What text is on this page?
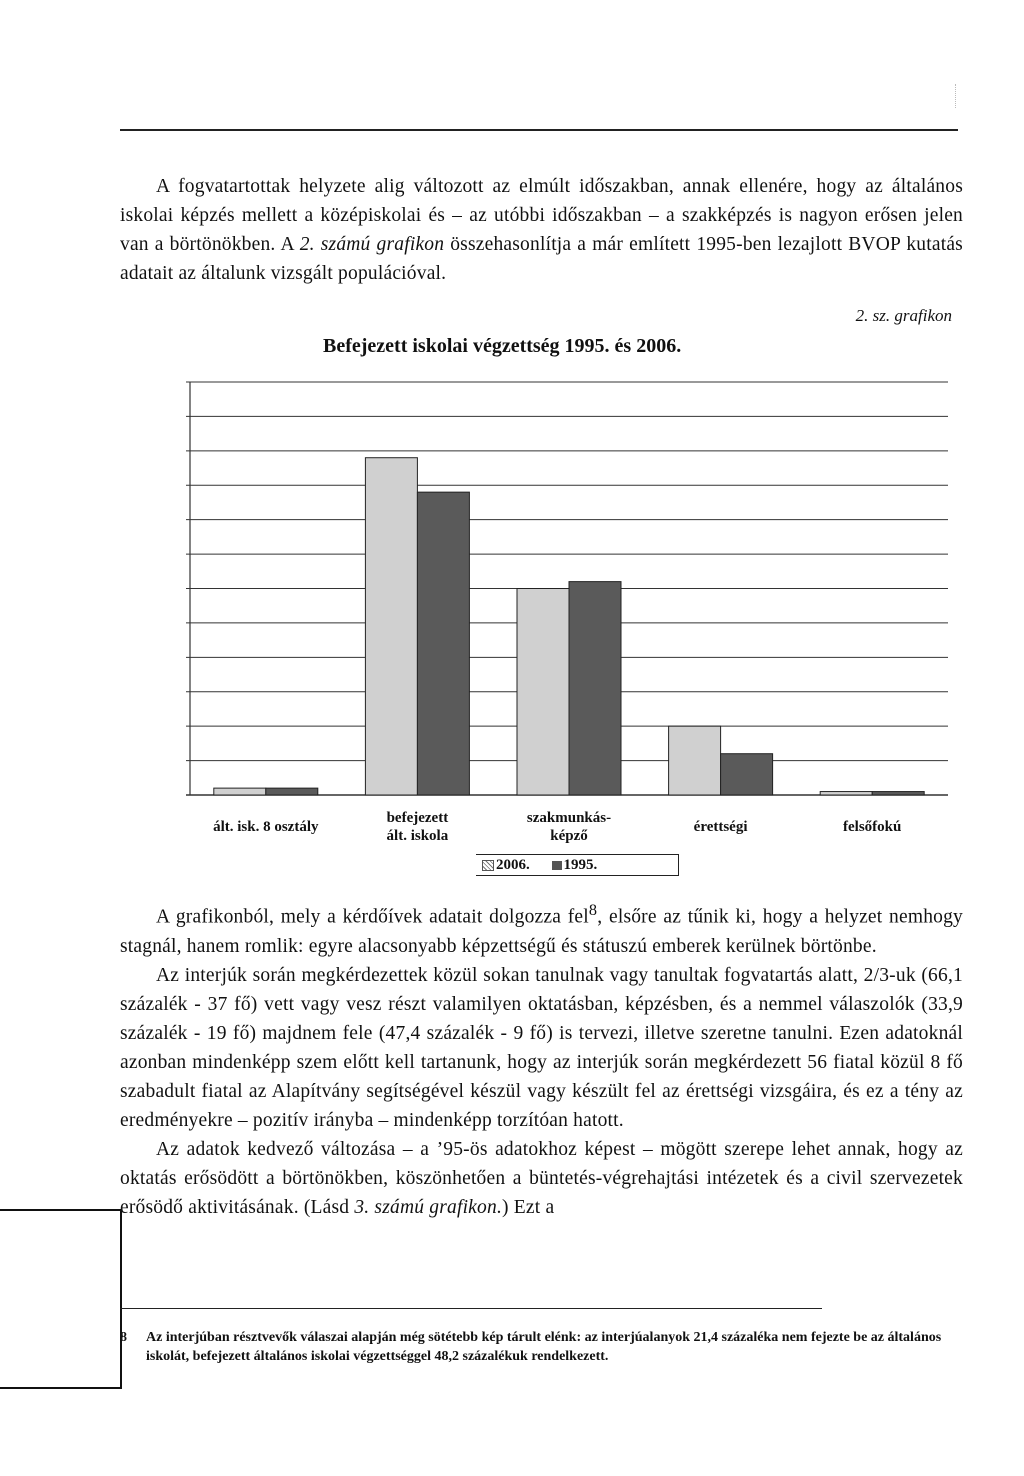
A fogvatartottak helyzete alig változott az elmúlt időszakban, annak ellenére, hogy az általános iskolai képzés mellett a középiskolai és – az utóbbi időszakban – a szakképzés is nagyon erősen jelen van a börtönökben. A 2. számú grafikon összehasonlítja a már említett 1995-ben lezajlott BVOP kutatás adatait az általunk vizsgált populációval.

2. sz. grafikon
Befejezett iskolai végzettség 1995. és 2006.
ált. isk. 8 osztály
befejezett
ált. iskola
szakmunkás-
képző
érettségi	felsőfokú
2006. 1995.

A grafikonból, mely a kérdőívek adatait dolgozza fel$^8$, elsőre az tűnik ki, hogy a helyzet nemhogy stagnál, hanem romlik: egyre alacsonyabb képzettségű és státuszú emberek kerülnek börtönbe.

Az interjúk során megkérdezettek közül sokan tanulnak vagy tanultak fogvatartás alatt, 2/3-uk (66,1 százalék - 37 fő) vett vagy vesz részt valamilyen oktatásban, képzésben, és a nemmel válaszolók (33,9 százalék - 19 fő) majdnem fele (47,4 százalék - 9 fő) is tervezi, illetve szeretne tanulni. Ezen adatoknál azonban mindenképp szem előtt kell tartanunk, hogy az interjúk során megkérdezett 56 fiatal közül 8 fő szabadult fiatal az Alapítvány segítségével készül vagy készült fel az érettségi vizsgáira, és ez a tény az eredményekre – pozitív irányba – mindenképp torzítóan hatott.

Az adatok kedvező változása – a ’95-ös adatokhoz képest – mögött szerepe lehet annak, hogy az oktatás erősödött a börtönökben, köszönhetően a büntetés-végrehajtási intézetek és a civil szervezetek erősödő aktivitásának. (Lásd 3. számú grafikon.) Ezt a

8 Az interjúban résztvevők válaszai alapján még sötétebb kép tárult elénk: az interjúalanyok 21,4 százaléka nem fejezte be az általános iskolát, befejezett általános iskolai végzettséggel 48,2 százalékuk rendelkezett.
